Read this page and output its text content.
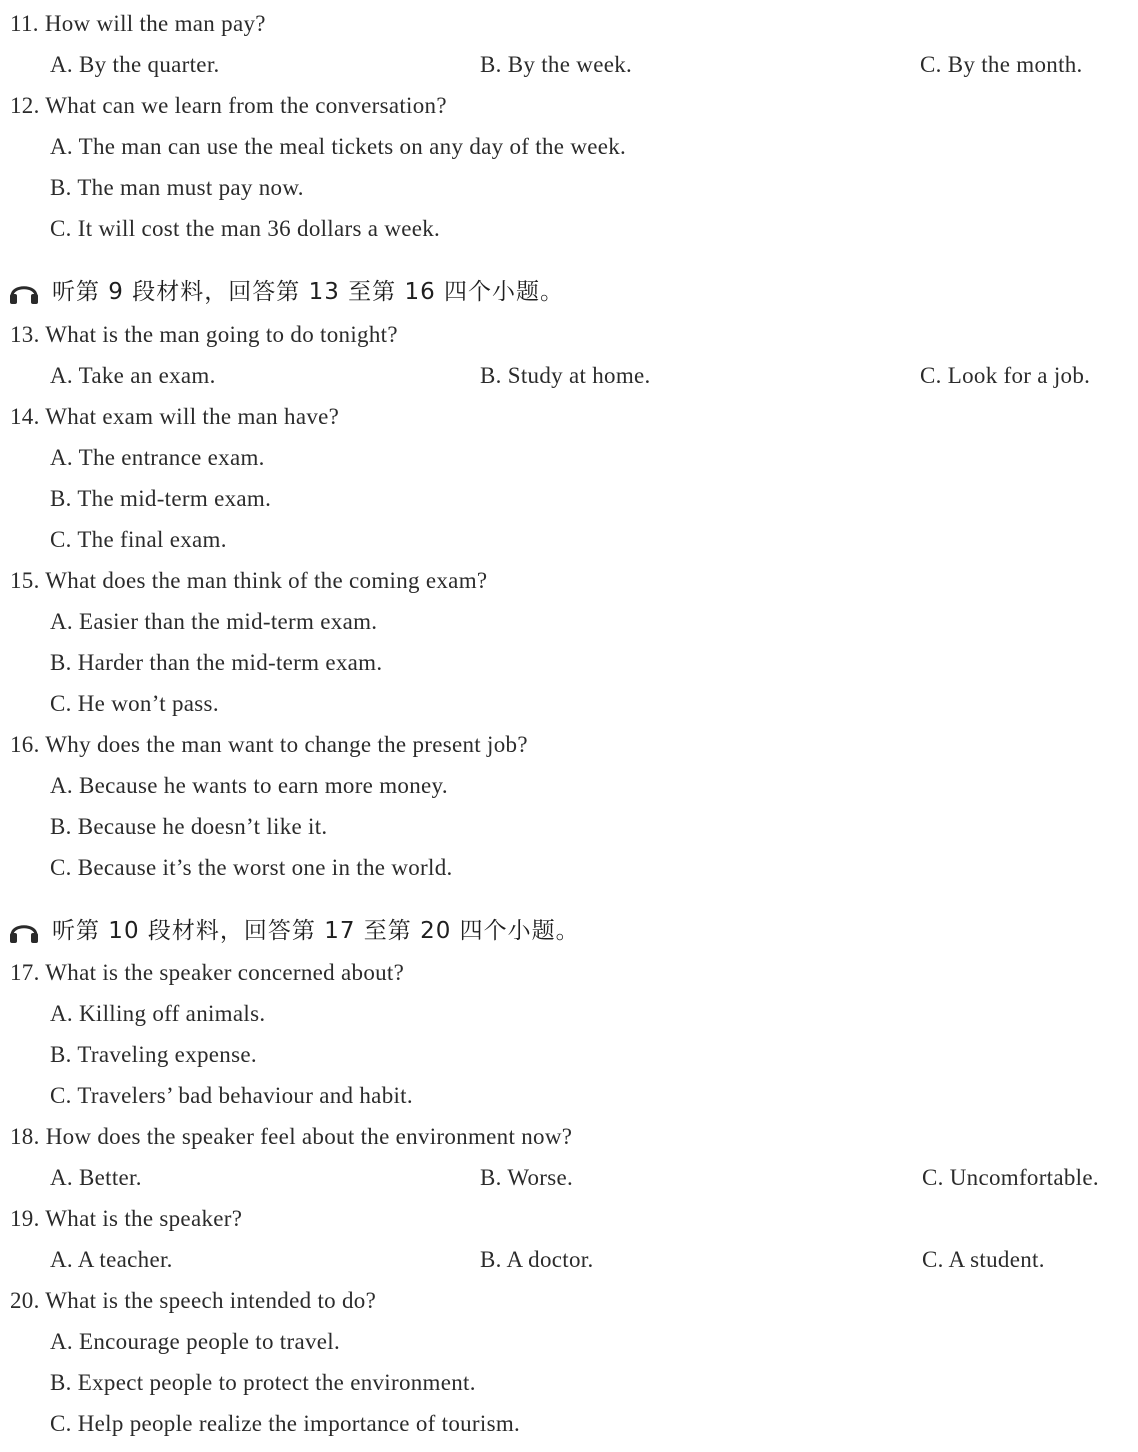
11. How will the man pay?
A. By the quarter.	B. By the week.	C. By the month.
12. What can we learn from the conversation?
A. The man can use the meal tickets on any day of the week.
B. The man must pay now.
C. It will cost the man 36 dollars a week.
听第 9 段材料，回答第 13 至第 16 四个小题。
13. What is the man going to do tonight?
A. Take an exam.	B. Study at home.	C. Look for a job.
14. What exam will the man have?
A. The entrance exam.
B. The mid-term exam.
C. The final exam.
15. What does the man think of the coming exam?
A. Easier than the mid-term exam.
B. Harder than the mid-term exam.
C. He won’t pass.
16. Why does the man want to change the present job?
A. Because he wants to earn more money.
B. Because he doesn’t like it.
C. Because it’s the worst one in the world.
听第 10 段材料，回答第 17 至第 20 四个小题。
17. What is the speaker concerned about?
A. Killing off animals.
B. Traveling expense.
C. Travelers’ bad behaviour and habit.
18. How does the speaker feel about the environment now?
A. Better.	B. Worse.	C. Uncomfortable.
19. What is the speaker?
A. A teacher.	B. A doctor.	C. A student.
20. What is the speech intended to do?
A. Encourage people to travel.
B. Expect people to protect the environment.
C. Help people realize the importance of tourism.
